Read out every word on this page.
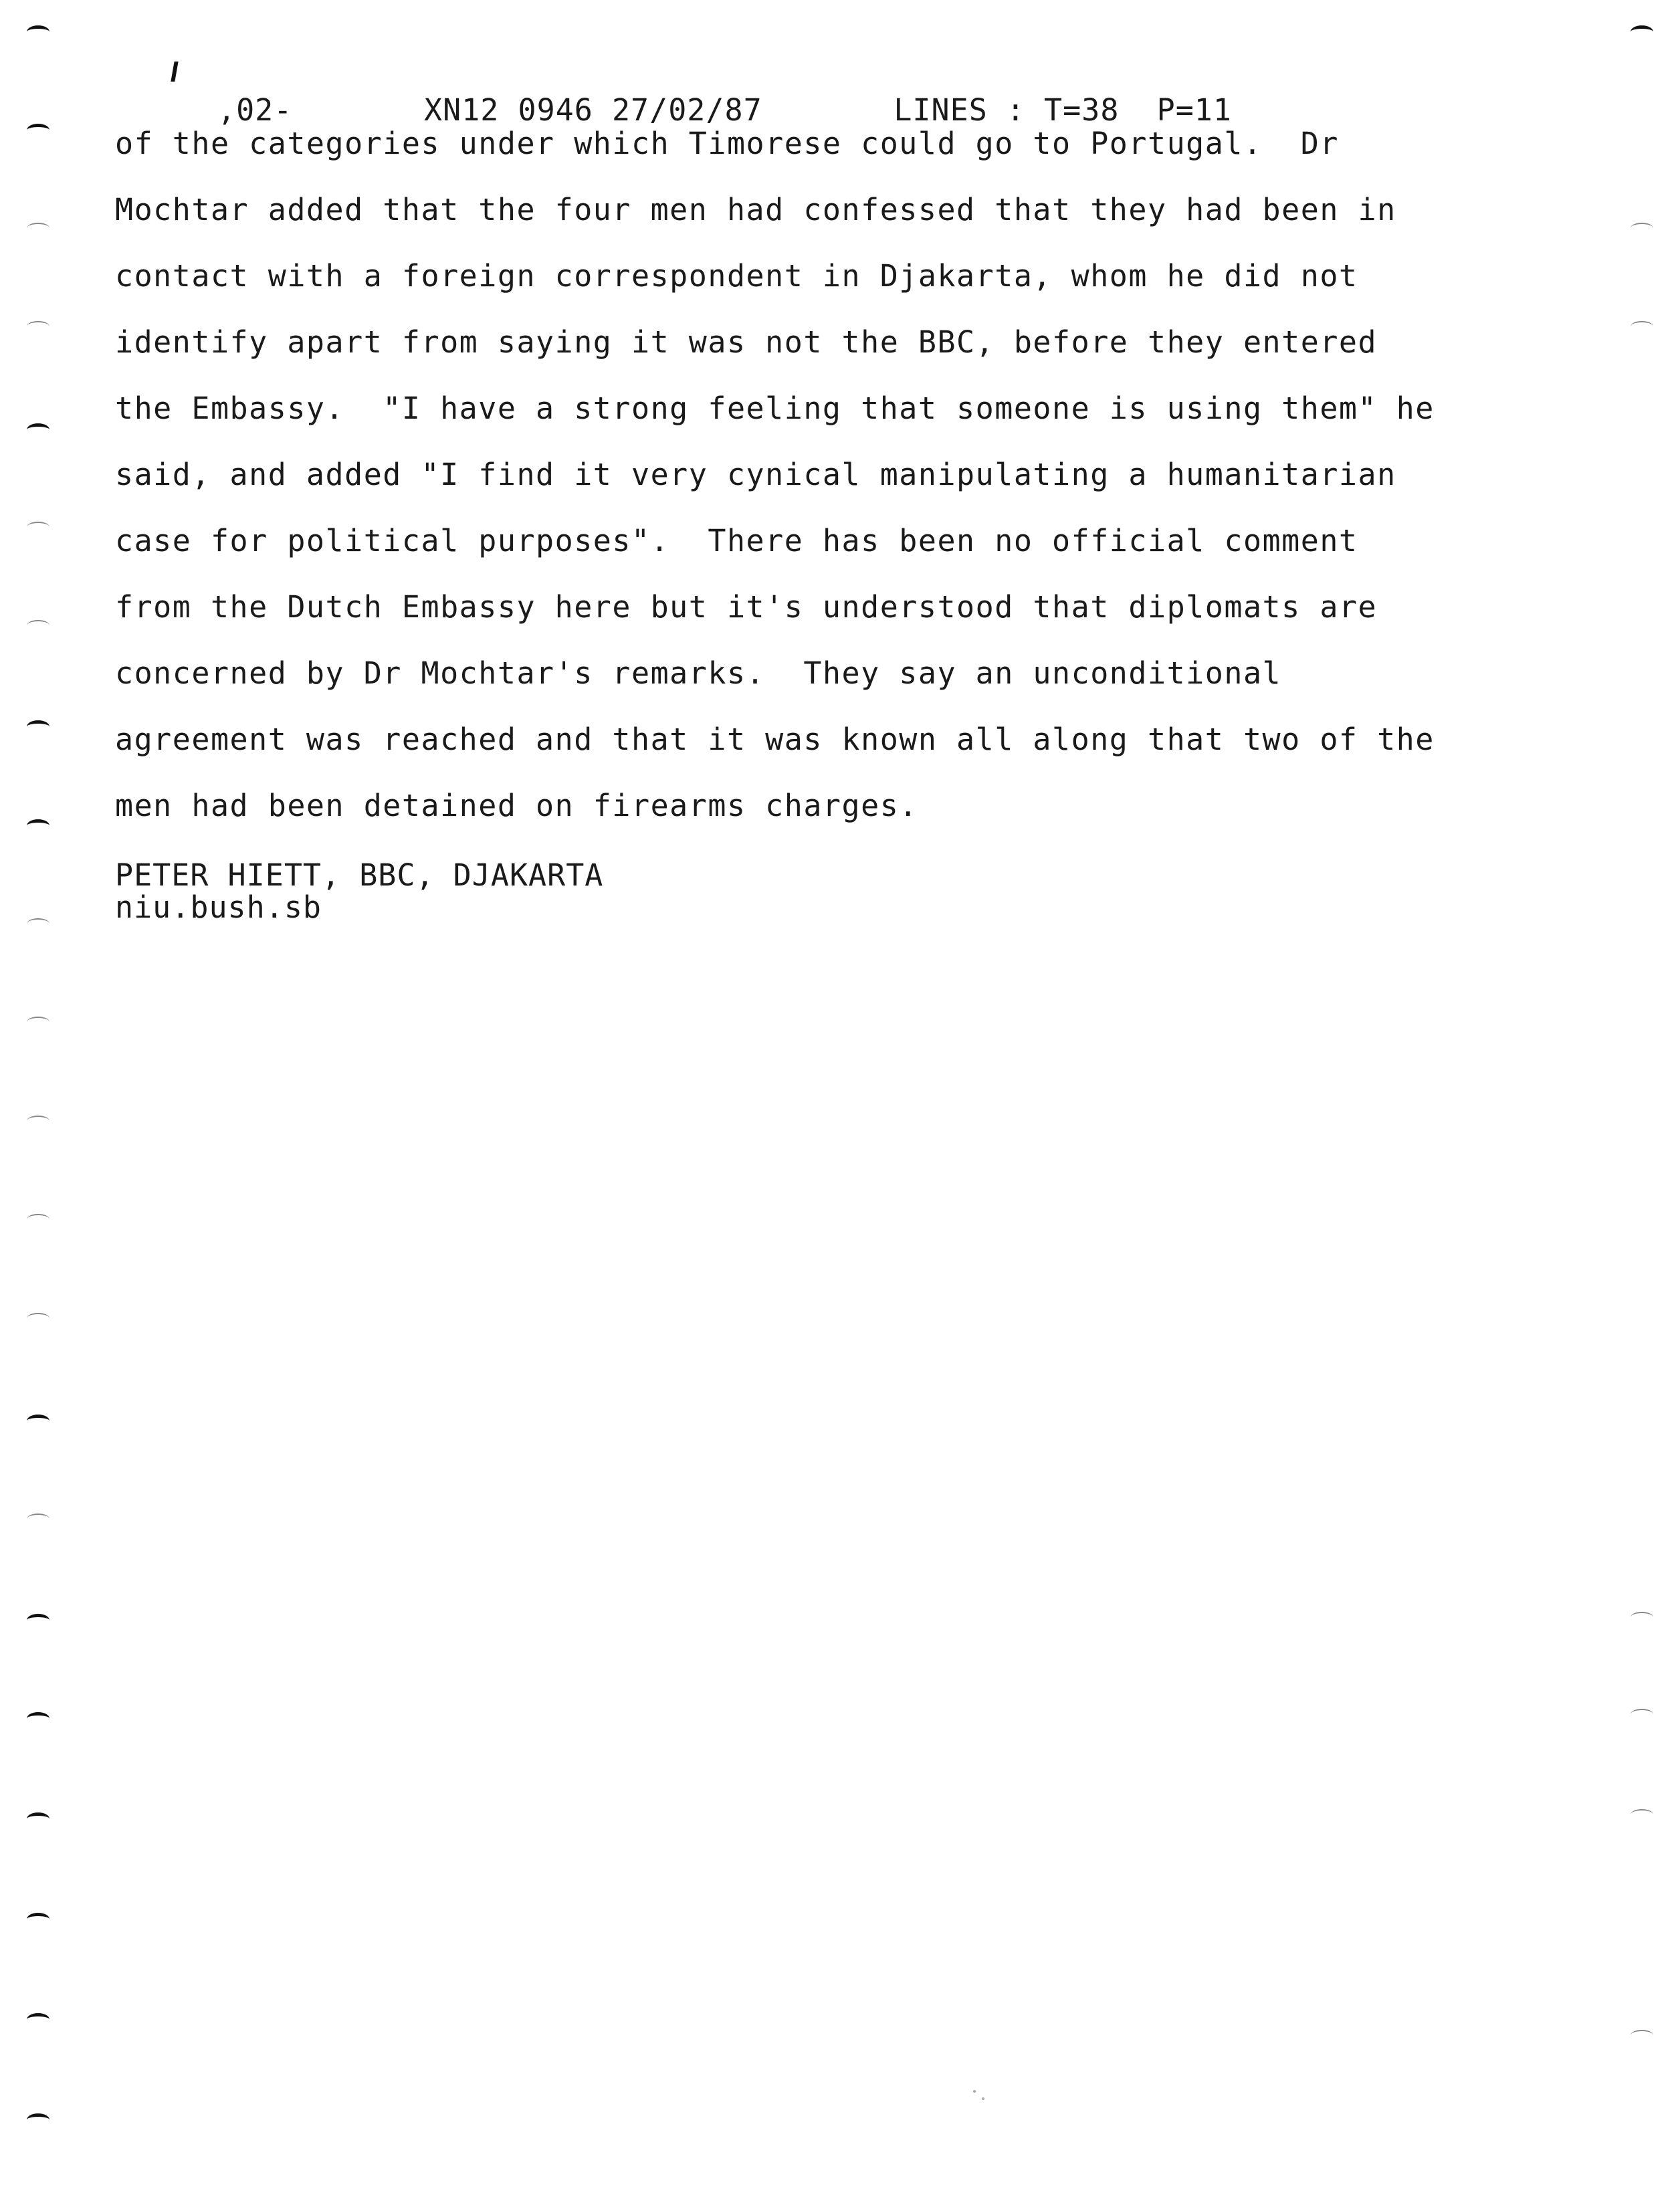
,02-       XN12 0946 27/02/87       LINES : T=38  P=11
of the categories under which Timorese could go to Portugal.  Dr
Mochtar added that the four men had confessed that they had been in
contact with a foreign correspondent in Djakarta, whom he did not
identify apart from saying it was not the BBC, before they entered
the Embassy.  "I have a strong feeling that someone is using them" he
said, and added "I find it very cynical manipulating a humanitarian
case for political purposes".  There has been no official comment
from the Dutch Embassy here but it's understood that diplomats are
concerned by Dr Mochtar's remarks.  They say an unconditional
agreement was reached and that it was known all along that two of the
men had been detained on firearms charges.
PETER HIETT, BBC, DJAKARTA
niu.bush.sb
